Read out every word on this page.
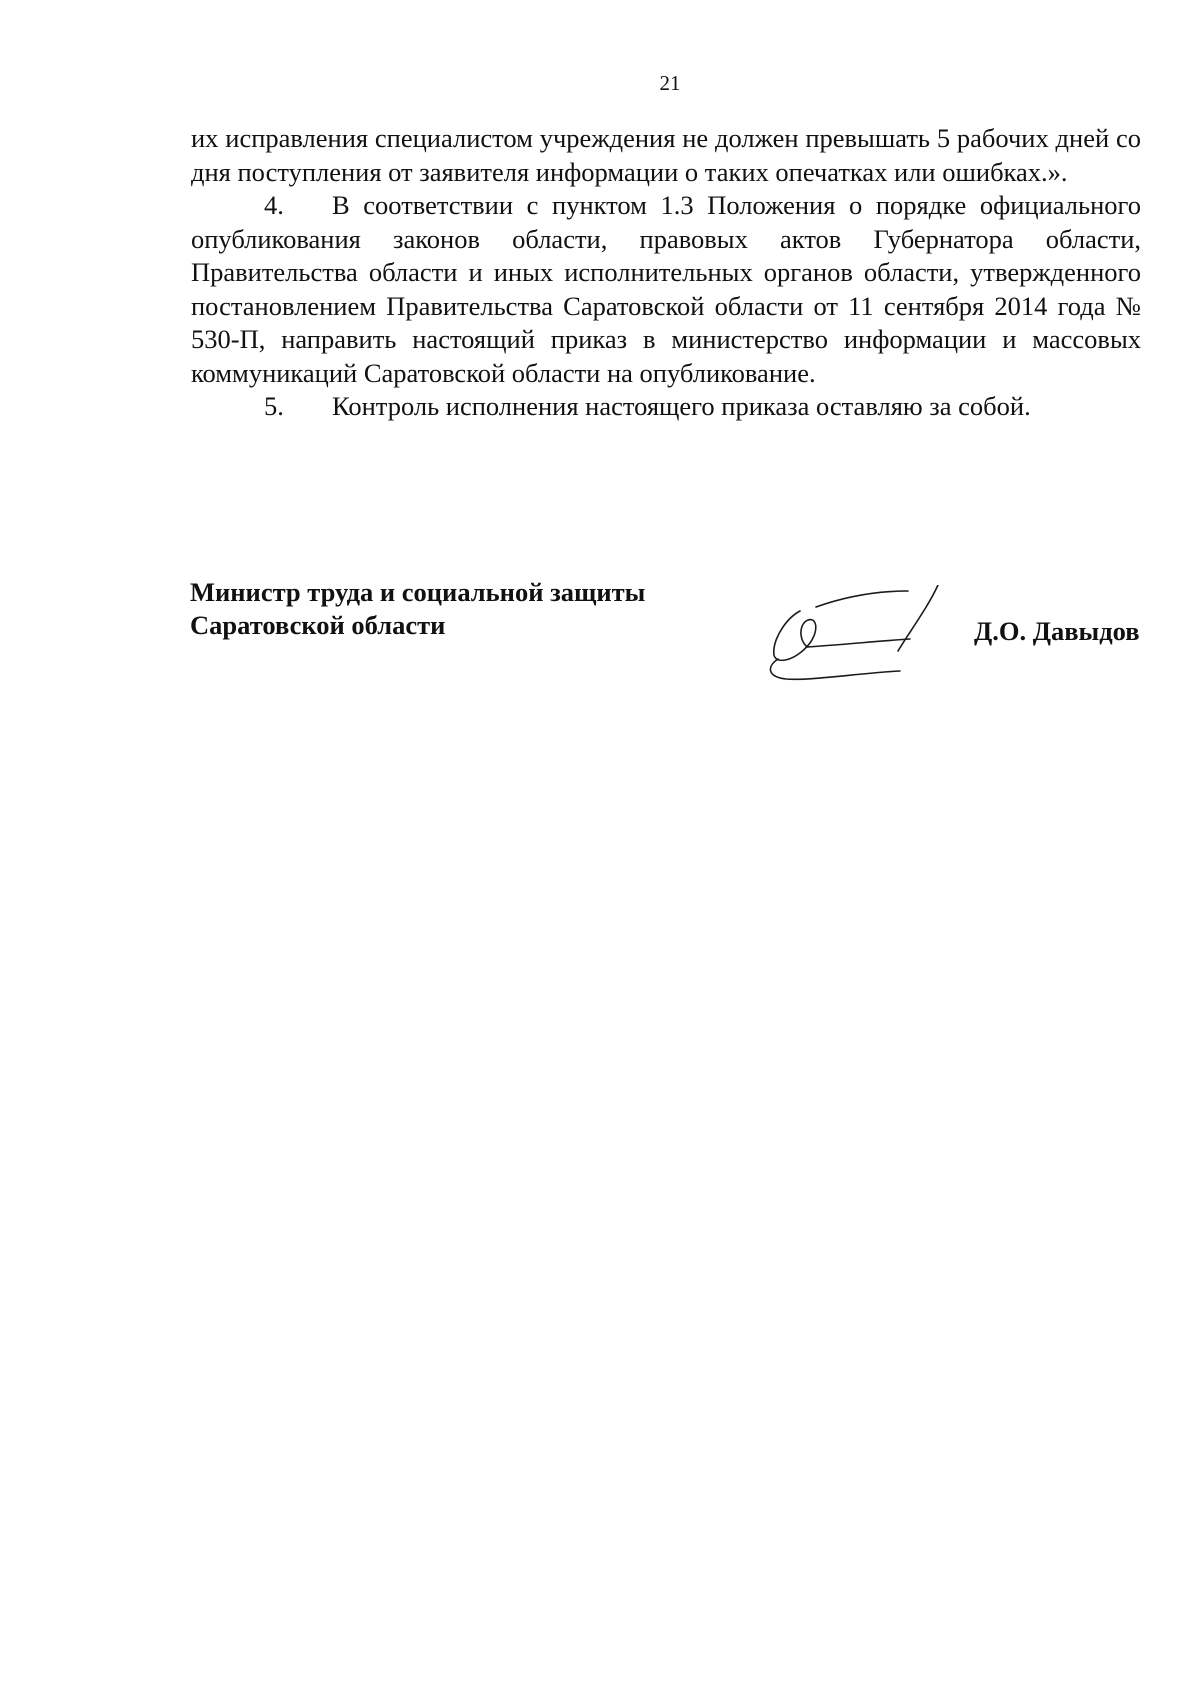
21

их исправления специалистом учреждения не должен превышать 5 рабочих дней со дня поступления от заявителя информации о таких опечатках или ошибках.».

4. В соответствии с пунктом 1.3 Положения о порядке официального опубликования законов области, правовых актов Губернатора области, Правительства области и иных исполнительных органов области, утвержденного постановлением Правительства Саратовской области от 11 сентября 2014 года № 530-П, направить настоящий приказ в министерство информации и массовых коммуникаций Саратовской области на опубликование.

5. Контроль исполнения настоящего приказа оставляю за собой.

Министр труда и социальной защиты
Саратовской области	Д.О. Давыдов
